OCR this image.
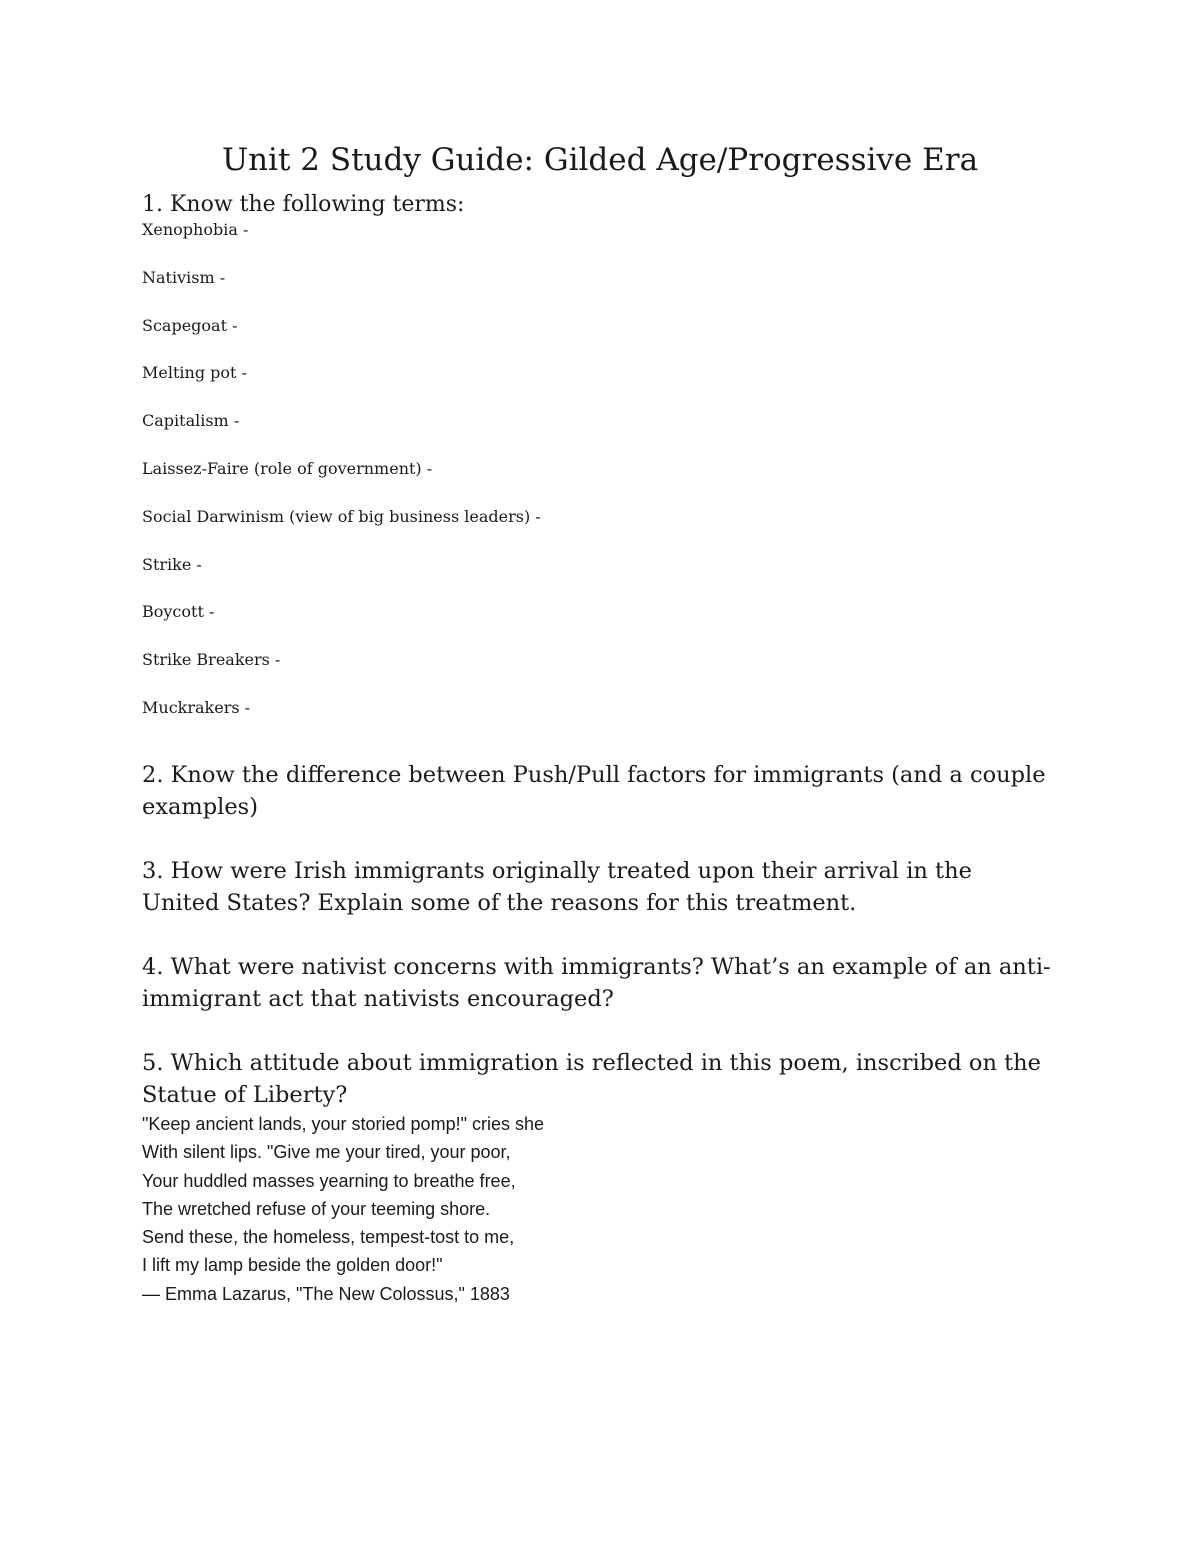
Unit 2 Study Guide: Gilded Age/Progressive Era

1. Know the following terms:

Xenophobia -
Nativism -
Scapegoat -
Melting pot -
Capitalism -
Laissez-Faire (role of government) -
Social Darwinism (view of big business leaders) -
Strike -
Boycott -
Strike Breakers -
Muckrakers -

2. Know the difference between Push/Pull factors for immigrants (and a couple examples)

3. How were Irish immigrants originally treated upon their arrival in the United States? Explain some of the reasons for this treatment.

4. What were nativist concerns with immigrants? What’s an example of an anti-immigrant act that nativists encouraged?

5. Which attitude about immigration is reflected in this poem, inscribed on the Statue of Liberty?

"Keep ancient lands, your storied pomp!" cries she
With silent lips. "Give me your tired, your poor,
Your huddled masses yearning to breathe free,
The wretched refuse of your teeming shore.
Send these, the homeless, tempest-tost to me,
I lift my lamp beside the golden door!"
— Emma Lazarus, "The New Colossus," 1883
